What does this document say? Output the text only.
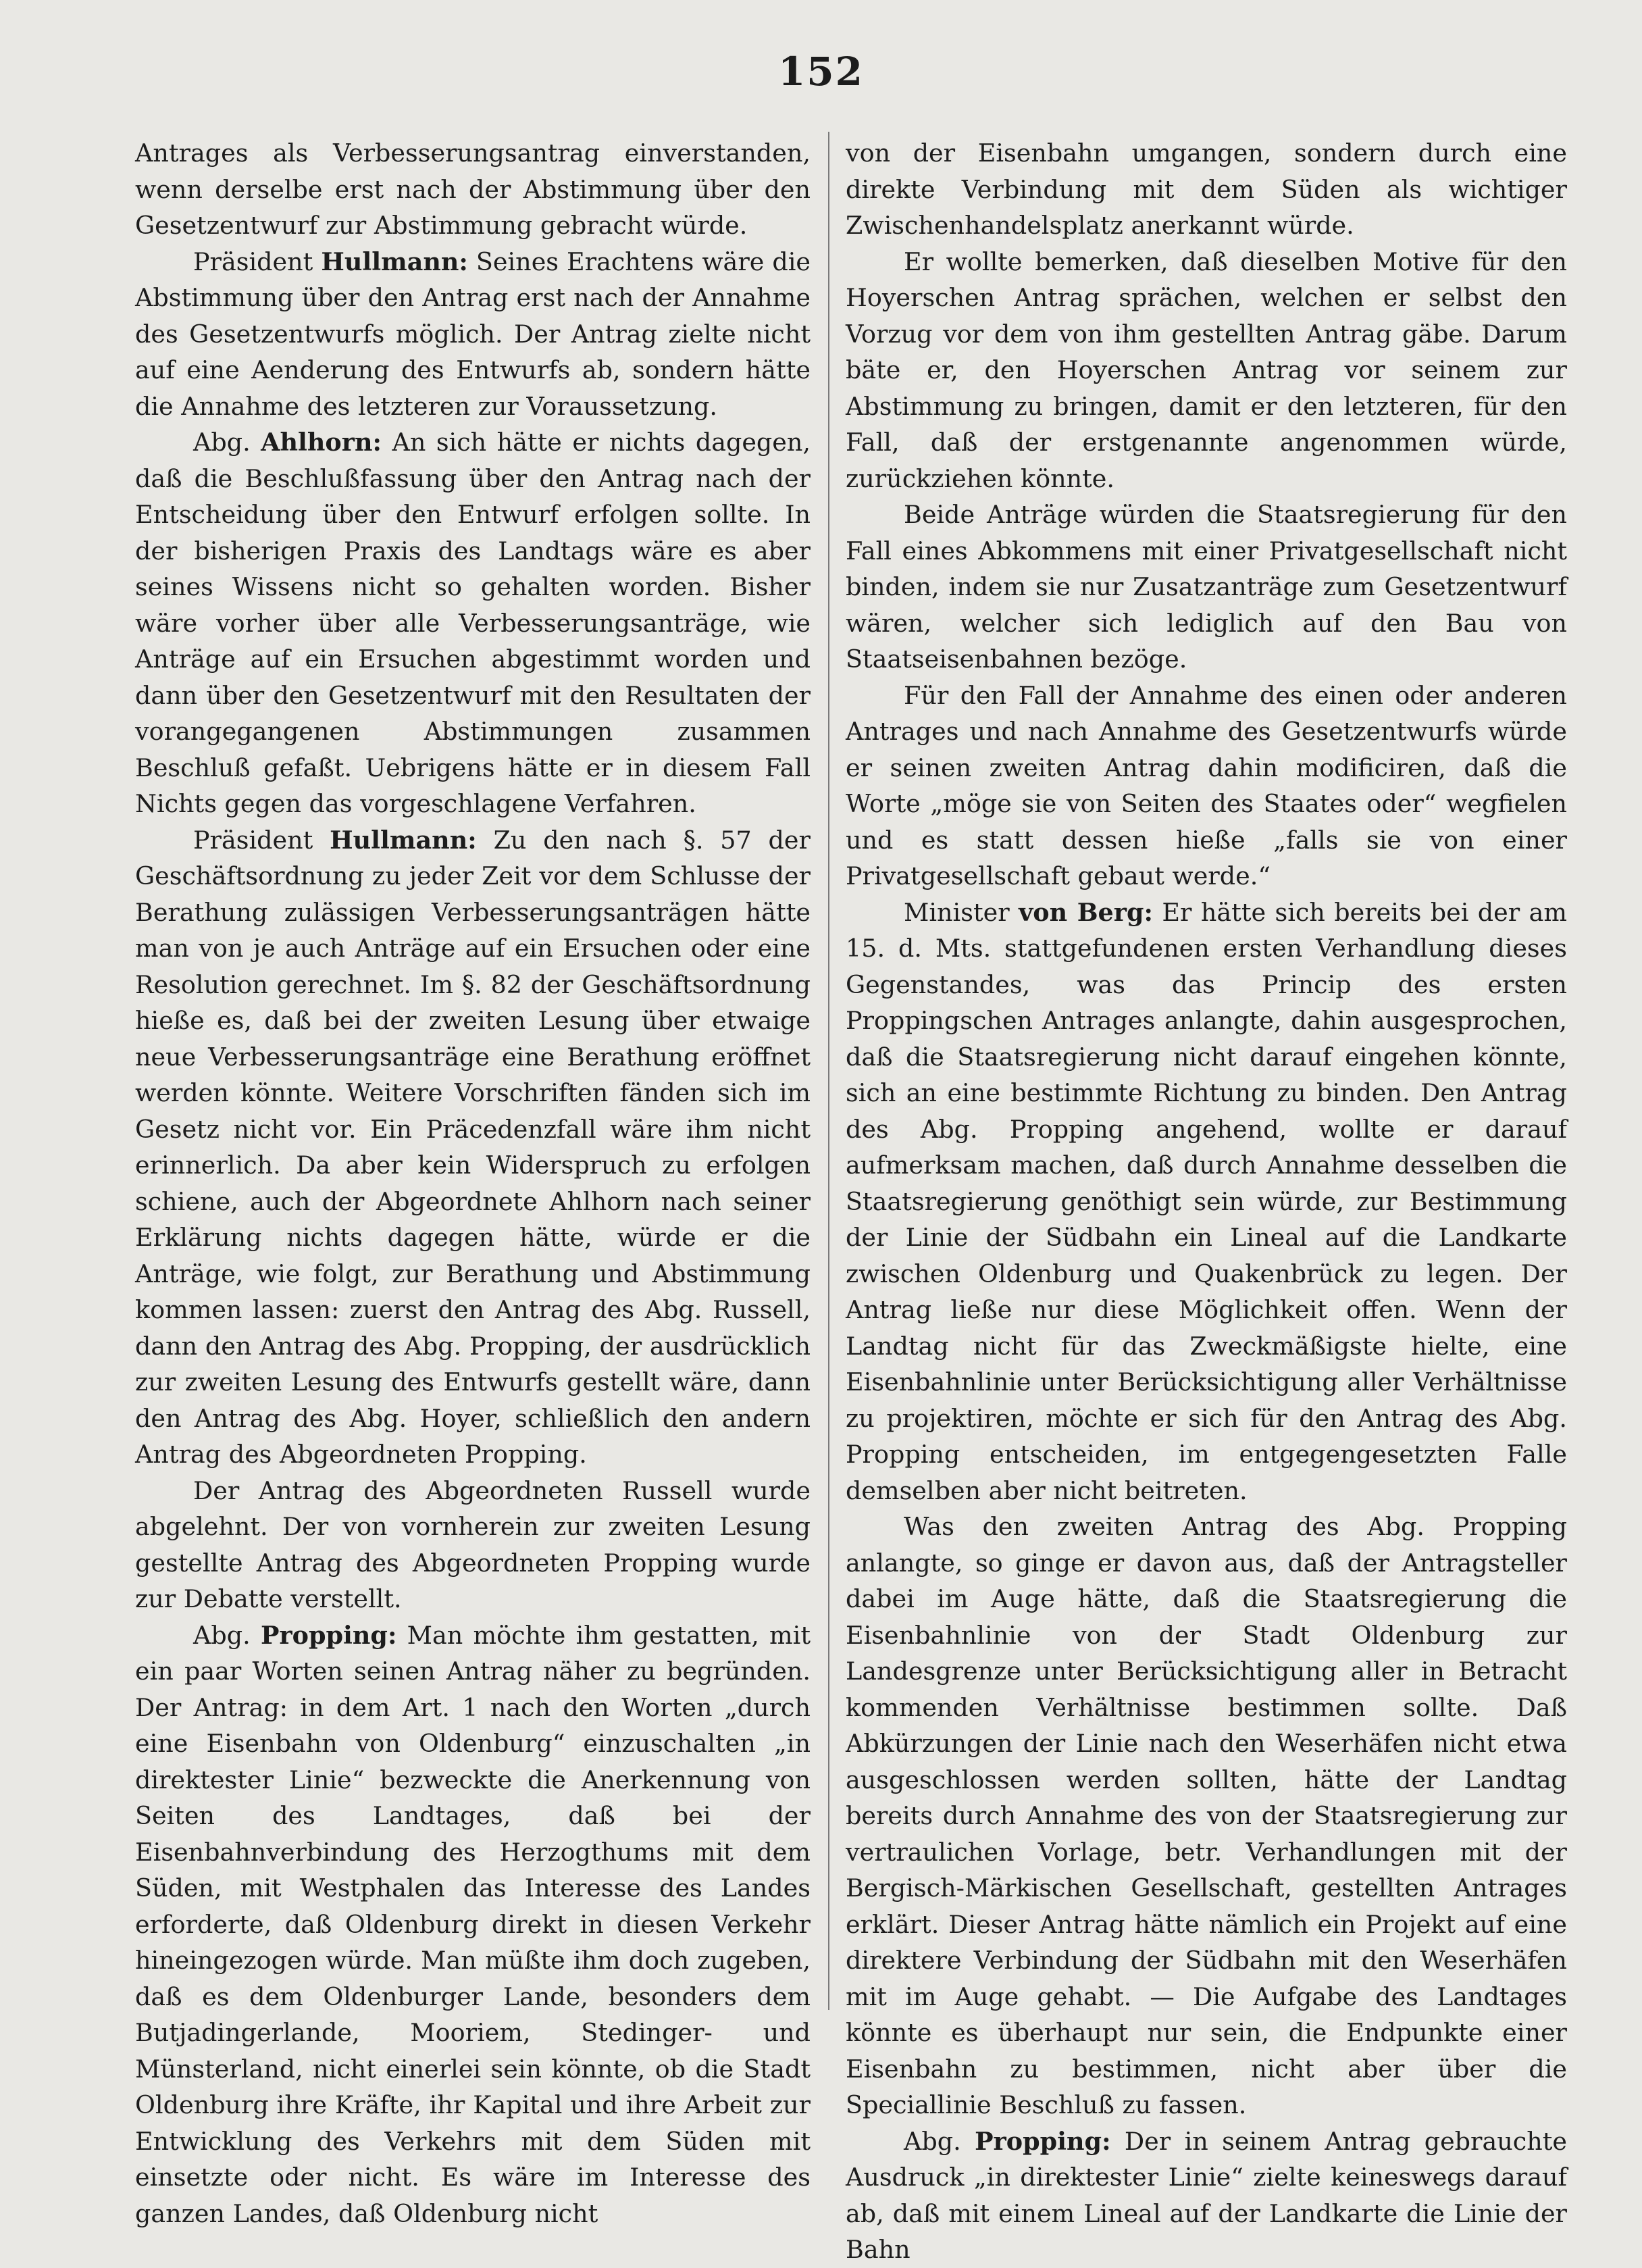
152

Antrages als Verbesserungsantrag einverstanden, wenn derselbe erst nach der Abstimmung über den Gesetzentwurf zur Abstimmung gebracht würde.

Präsident Hullmann: Seines Erachtens wäre die Abstimmung über den Antrag erst nach der Annahme des Gesetzentwurfs möglich. Der Antrag zielte nicht auf eine Aenderung des Entwurfs ab, sondern hätte die Annahme des letzteren zur Voraussetzung.

Abg. Ahlhorn: An sich hätte er nichts dagegen, daß die Beschlußfassung über den Antrag nach der Entscheidung über den Entwurf erfolgen sollte. In der bisherigen Praxis des Landtags wäre es aber seines Wissens nicht so gehalten worden. Bisher wäre vorher über alle Verbesserungsanträge, wie Anträge auf ein Ersuchen abgestimmt worden und dann über den Gesetzentwurf mit den Resultaten der vorangegangenen Abstimmungen zusammen Beschluß gefaßt. Uebrigens hätte er in diesem Fall Nichts gegen das vorgeschlagene Verfahren.

Präsident Hullmann: Zu den nach §. 57 der Geschäftsordnung zu jeder Zeit vor dem Schlusse der Berathung zulässigen Verbesserungsanträgen hätte man von je auch Anträge auf ein Ersuchen oder eine Resolution gerechnet. Im §. 82 der Geschäftsordnung hieße es, daß bei der zweiten Lesung über etwaige neue Verbesserungsanträge eine Berathung eröffnet werden könnte. Weitere Vorschriften fänden sich im Gesetz nicht vor. Ein Präcedenzfall wäre ihm nicht erinnerlich. Da aber kein Widerspruch zu erfolgen schiene, auch der Abgeordnete Ahlhorn nach seiner Erklärung nichts dagegen hätte, würde er die Anträge, wie folgt, zur Berathung und Abstimmung kommen lassen: zuerst den Antrag des Abg. Russell, dann den Antrag des Abg. Propping, der ausdrücklich zur zweiten Lesung des Entwurfs gestellt wäre, dann den Antrag des Abg. Hoyer, schließlich den andern Antrag des Abgeordneten Propping.

Der Antrag des Abgeordneten Russell wurde abgelehnt. Der von vornherein zur zweiten Lesung gestellte Antrag des Abgeordneten Propping wurde zur Debatte verstellt.

Abg. Propping: Man möchte ihm gestatten, mit ein paar Worten seinen Antrag näher zu begründen. Der Antrag: in dem Art. 1 nach den Worten „durch eine Eisenbahn von Oldenburg“ einzuschalten „in direktester Linie“ bezweckte die Anerkennung von Seiten des Landtages, daß bei der Eisenbahnverbindung des Herzogthums mit dem Süden, mit Westphalen das Interesse des Landes erforderte, daß Oldenburg direkt in diesen Verkehr hineingezogen würde. Man müßte ihm doch zugeben, daß es dem Oldenburger Lande, besonders dem Butjadingerlande, Mooriem, Stedinger- und Münsterland, nicht einerlei sein könnte, ob die Stadt Oldenburg ihre Kräfte, ihr Kapital und ihre Arbeit zur Entwicklung des Verkehrs mit dem Süden mit einsetzte oder nicht. Es wäre im Interesse des ganzen Landes, daß Oldenburg nicht

von der Eisenbahn umgangen, sondern durch eine direkte Verbindung mit dem Süden als wichtiger Zwischenhandelsplatz anerkannt würde.

Er wollte bemerken, daß dieselben Motive für den Hoyerschen Antrag sprächen, welchen er selbst den Vorzug vor dem von ihm gestellten Antrag gäbe. Darum bäte er, den Hoyerschen Antrag vor seinem zur Abstimmung zu bringen, damit er den letzteren, für den Fall, daß der erstgenannte angenommen würde, zurückziehen könnte.

Beide Anträge würden die Staatsregierung für den Fall eines Abkommens mit einer Privatgesellschaft nicht binden, indem sie nur Zusatzanträge zum Gesetzentwurf wären, welcher sich lediglich auf den Bau von Staatseisenbahnen bezöge.

Für den Fall der Annahme des einen oder anderen Antrages und nach Annahme des Gesetzentwurfs würde er seinen zweiten Antrag dahin modificiren, daß die Worte „möge sie von Seiten des Staates oder“ wegfielen und es statt dessen hieße „falls sie von einer Privatgesellschaft gebaut werde.“

Minister von Berg: Er hätte sich bereits bei der am 15. d. Mts. stattgefundenen ersten Verhandlung dieses Gegenstandes, was das Princip des ersten Proppingschen Antrages anlangte, dahin ausgesprochen, daß die Staatsregierung nicht darauf eingehen könnte, sich an eine bestimmte Richtung zu binden. Den Antrag des Abg. Propping angehend, wollte er darauf aufmerksam machen, daß durch Annahme desselben die Staatsregierung genöthigt sein würde, zur Bestimmung der Linie der Südbahn ein Lineal auf die Landkarte zwischen Oldenburg und Quakenbrück zu legen. Der Antrag ließe nur diese Möglichkeit offen. Wenn der Landtag nicht für das Zweckmäßigste hielte, eine Eisenbahnlinie unter Berücksichtigung aller Verhältnisse zu projektiren, möchte er sich für den Antrag des Abg. Propping entscheiden, im entgegengesetzten Falle demselben aber nicht beitreten.

Was den zweiten Antrag des Abg. Propping anlangte, so ginge er davon aus, daß der Antragsteller dabei im Auge hätte, daß die Staatsregierung die Eisenbahnlinie von der Stadt Oldenburg zur Landesgrenze unter Berücksichtigung aller in Betracht kommenden Verhältnisse bestimmen sollte. Daß Abkürzungen der Linie nach den Weserhäfen nicht etwa ausgeschlossen werden sollten, hätte der Landtag bereits durch Annahme des von der Staatsregierung zur vertraulichen Vorlage, betr. Verhandlungen mit der Bergisch-Märkischen Gesellschaft, gestellten Antrages erklärt. Dieser Antrag hätte nämlich ein Projekt auf eine direktere Verbindung der Südbahn mit den Weserhäfen mit im Auge gehabt. — Die Aufgabe des Landtages könnte es überhaupt nur sein, die Endpunkte einer Eisenbahn zu bestimmen, nicht aber über die Speciallinie Beschluß zu fassen.

Abg. Propping: Der in seinem Antrag gebrauchte Ausdruck „in direktester Linie“ zielte keineswegs darauf ab, daß mit einem Lineal auf der Landkarte die Linie der Bahn
